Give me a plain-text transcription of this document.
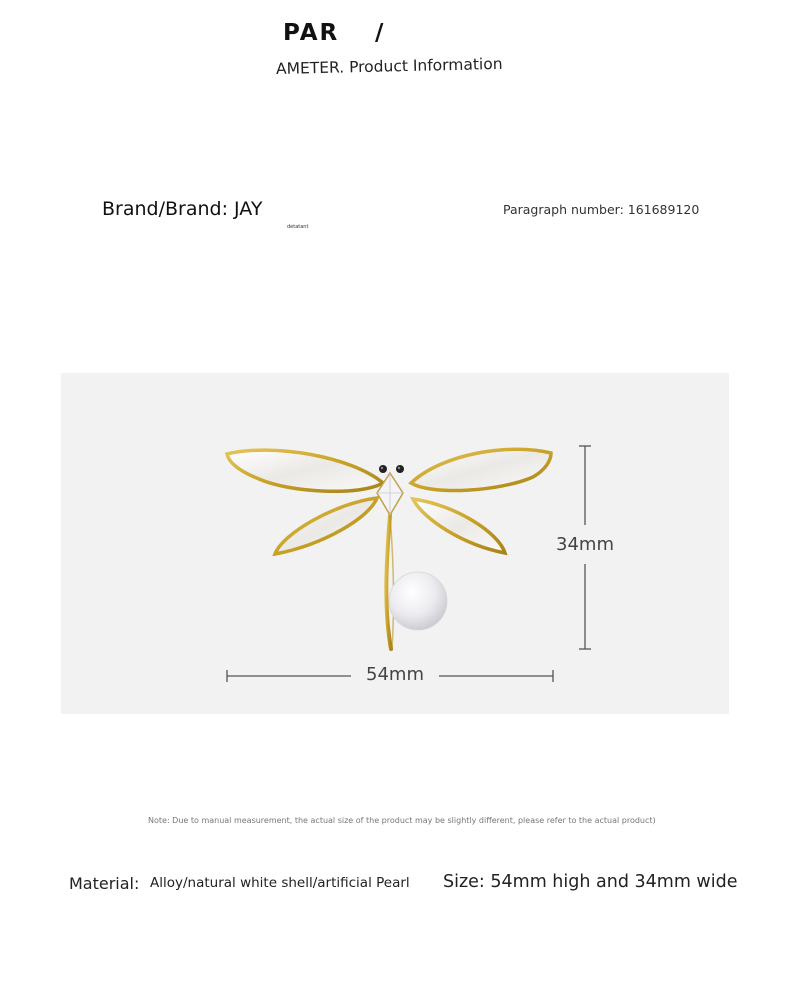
PAR /
AMETER. Product Information
Brand/Brand: JAY
detatant
Paragraph number: 161689120
54mm
34mm
Note: Due to manual measurement, the actual size of the product may be slightly different, please refer to the actual product)
Material: Alloy/natural white shell/artificial Pearl Size: 54mm high and 34mm wide
